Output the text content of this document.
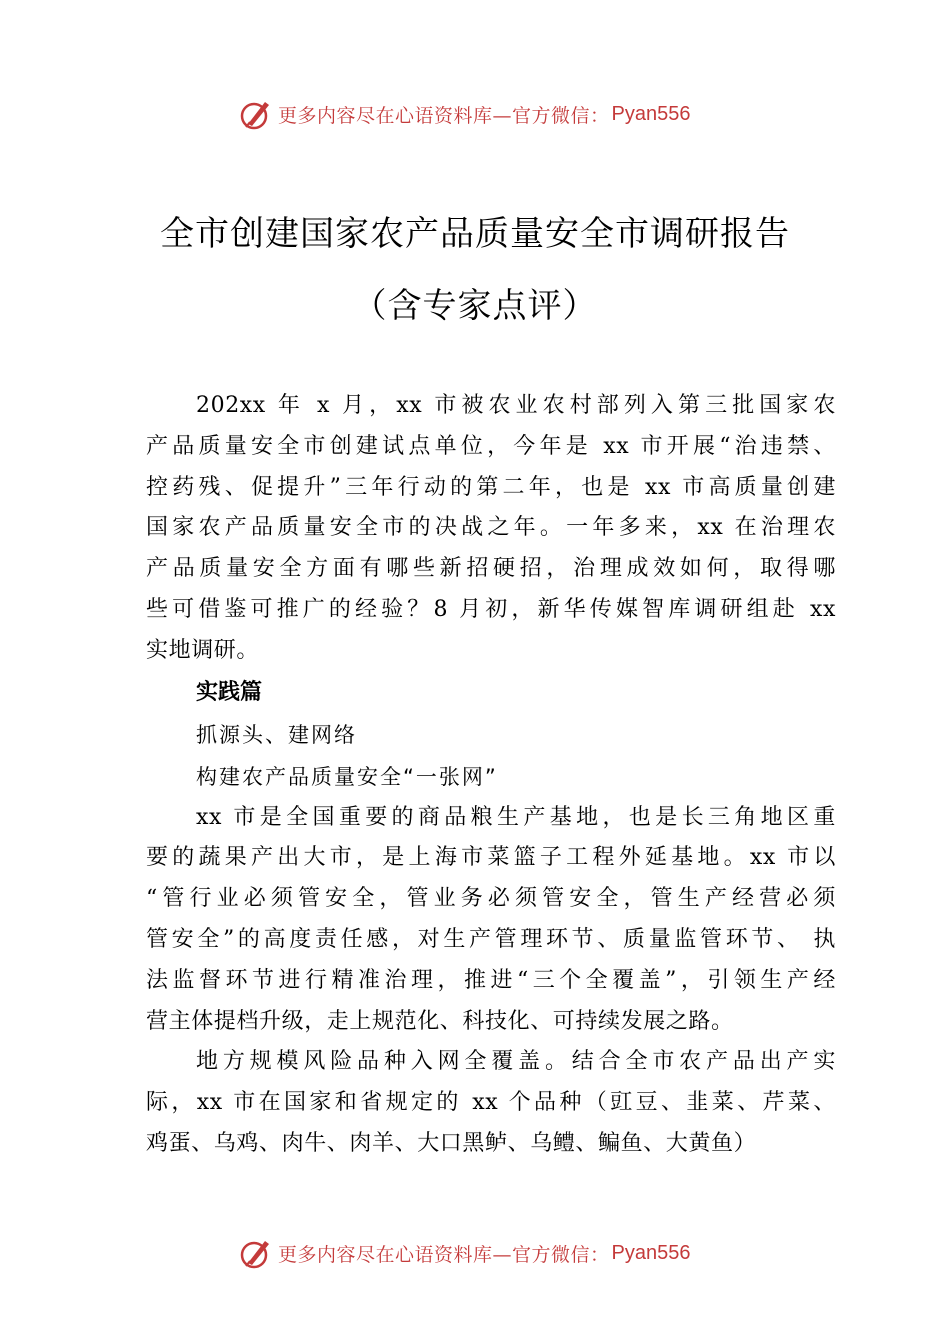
更多内容尽在心语资料库—官方微信： Pyan556
全市创建国家农产品质量安全市调研报告
（含专家点评）
202xx 年 x 月，xx 市被农业农村部列入第三批国家农
产品质量安全市创建试点单位，今年是 xx 市开展“治违禁、
控药残、促提升”三年行动的第二年，也是 xx 市高质量创建
国家农产品质量安全市的决战之年。一年多来，xx 在治理农
产品质量安全方面有哪些新招硬招，治理成效如何，取得哪
些可借鉴可推广的经验？8 月初，新华传媒智库调研组赴 xx
实地调研。
实践篇
抓源头、建网络
构建农产品质量安全“一张网”
xx 市是全国重要的商品粮生产基地，也是长三角地区重
要的蔬果产出大市，是上海市菜篮子工程外延基地。xx 市以
“管行业必须管安全，管业务必须管安全，管生产经营必须
管安全”的高度责任感，对生产管理环节、质量监管环节、 执
法监督环节进行精准治理，推进“三个全覆盖”，引领生产经
营主体提档升级，走上规范化、科技化、可持续发展之路。
地方规模风险品种入网全覆盖。结合全市农产品出产实
际，xx 市在国家和省规定的 xx 个品种（豇豆、韭菜、芹菜、
鸡蛋、乌鸡、肉牛、肉羊、大口黑鲈、乌鳢、鳊鱼、大黄鱼）
更多内容尽在心语资料库—官方微信： Pyan556
